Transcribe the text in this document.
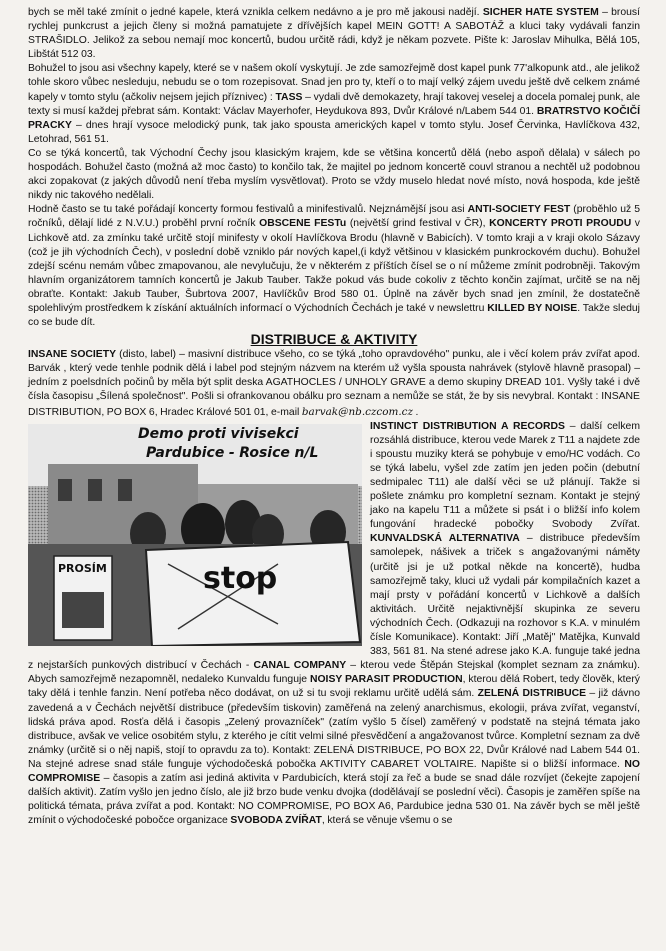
bych se měl také zmínit o jedné kapele, která vznikla celkem nedávno a je pro mě jakousi nadějí. SICHER HATE SYSTEM – brousí rychlej punkcrust a jejich členy si možná pamatujete z dřívějších kapel MEIN GOTT! A SABOTÁŽ a kluci taky vydávali fanzin STRAŠIDLO. Jelikož za sebou nemají moc koncertů, budou určitě rádi, když je někam pozvete. Pište k: Jaroslav Mihulka, Bělá 105, Libštát 512 03.

Bohužel to jsou asi všechny kapely, které se v našem okolí vyskytují. Je zde samozřejmě dost kapel punk 77'alkopunk atd., ale jelikož tohle skoro vůbec nesleduju, nebudu se o tom rozepisovat. Snad jen pro ty, kteří o to mají velký zájem uvedu ještě dvě celkem známé kapely v tomto stylu (ačkoliv nejsem jejich příznivec) : TASS – vydali dvě demokazety, hrají takovej veselej a docela pomalej punk, ale texty si musí každej přebrat sám. Kontakt: Václav Mayerhofer, Heydukova 893, Dvůr Králové n/Labem 544 01. BRATRSTVO KOČIČÍ PRACKY – dnes hrají vysoce melodický punk, tak jako spousta amerických kapel v tomto stylu. Josef Červinka, Havlíčkova 432, Letohrad, 561 51.

Co se týká koncertů, tak Východní Čechy jsou klasickým krajem, kde se většina koncertů dělá (nebo aspoň dělala) v sálech po hospodách. Bohužel často (možná až moc často) to končilo tak, že majitel po jednom koncertě couvl stranou a nechtěl už podobnou akci zopakovat (z jakých důvodů není třeba myslím vysvětlovat). Proto se vždy muselo hledat nové místo, nová hospoda, kde ještě nikdy nic takového nedělali.

Hodně často se tu také pořádají koncerty formou festivalů a minifestivalů. Nejznámější jsou asi ANTI-SOCIETY FEST (proběhlo už 5 ročníků, dělají lidé z N.V.U.) proběhl první ročník OBSCENE FESTu (největší grind festival v ČR), KONCERTY PROTI PROUDU v Lichkově atd. za zmínku také určitě stojí minifesty v okolí Havlíčkova Brodu (hlavně v Babicích). V tomto kraji a v kraji okolo Sázavy (což je jih východních Čech), v poslední době vzniklo pár nových kapel,(i když většinou v klasickém punkrockovém duchu). Bohužel zdejší scénu nemám vůbec zmapovanou, ale nevylučuju, že v některém z příštích čísel se o ní můžeme zmínit podrobněji. Takovým hlavním organizátorem tamních koncertů je Jakub Tauber. Takže pokud vás bude cokoliv z těchto končin zajímat, určitě se na něj obraťte. Kontakt: Jakub Tauber, Šubrtova 2007, Havlíčkův Brod 580 01. Úplně na závěr bych snad jen zmínil, že dostatečně spolehlivým prostředkem k získání aktuálních informací o Východních Čechách je také v newslettru KILLED BY NOISE. Takže sleduj co se bude dít.

DISTRIBUCE & AKTIVITY

INSANE SOCIETY (disto, label) – masivní distribuce všeho, co se týká „toho opravdového" punku, ale i věcí kolem práv zvířat apod. Barvák , který vede tenhle podnik dělá i label pod stejným názvem na kterém už vyšla spousta nahrávek (stylově hlavně prasopal) – jedním z poelsdních počinů by měla být split deska AGATHOCLES / UNHOLY GRAVE a demo skupiny DREAD 101. Vyšly také i dvě čísla časopisu „Šílená společnost". Pošli si ofrankovanou obálku pro seznam a nemůže se stát, že by sis nevybral. Kontakt : INSANE DISTRIBUTION, PO BOX 6, Hradec Králové 501 01, e-mail barvak@nb.czcom.cz .

Demo proti vivisekci
Pardubice - Rosice n/L
PROSÍM	stop
INSTINCT DISTRIBUTION A RECORDS – další celkem rozsáhlá distribuce, kterou vede Marek z T11 a najdete zde i spoustu muziky která se pohybuje v emo/HC vodách. Co se týká labelu, vyšel zde zatím jen jeden počin (debutní sedmipalec T11) ale další věci se už plánují. Takže si pošlete známku pro kompletní seznam. Kontakt je stejný jako na kapelu T11 a můžete si psát i o bližší info kolem fungování hradecké pobočky Svobody Zvířat. KUNVALDSKÁ ALTERNATIVA – distribuce především samolepek, nášivek a triček s angažovanými náměty (určitě jsi je už potkal někde na koncertě), hudba samozřejmě taky, kluci už vydali pár kompilačních kazet a mají prsty v pořádání koncertů v Lichkově a dalších aktivitách. Určitě nejaktivnější skupinka ze severu východních Čech. (Odkazuji na rozhovor s K.A. v minulém čísle Komunikace). Kontakt: Jiří „Matěj" Matějka, Kunvald 383, 561 81. Na stené adrese jako K.A. funguje také jedna z nejstarších punkových distribucí v Čechách - CANAL COMPANY – kterou vede Štěpán Stejskal (komplet seznam za známku). Abych samozřejmě nezapomněl, nedaleko Kunvaldu funguje NOISY PARASIT PRODUCTION, kterou dělá Robert, tedy člověk, který taky dělá i tenhle fanzin. Není potřeba něco dodávat, on už si tu svoji reklamu určitě udělá sám. ZELENÁ DISTRIBUCE – již dávno zavedená a v Čechách největší distribuce (především tiskovin) zaměřená na zelený anarchismus, ekologii, práva zvířat, veganství, lidská práva apod. Rosťa dělá i časopis „Zelený provazníček" (zatím vyšlo 5 čísel) zaměřený v podstatě na stejná témata jako distribuce, avšak ve velice osobitém stylu, z kterého je cítit velmi silné přesvědčení a angažovanost tvůrce. Kompletní seznam za dvě známky (určitě si o něj napiš, stojí to opravdu za to). Kontakt: ZELENÁ DISTRIBUCE, PO BOX 22, Dvůr Králové nad Labem 544 01. Na stejné adrese snad stále funguje východočeská pobočka AKTIVITY CABARET VOLTAIRE. Napište si o bližší informace. NO COMPROMISE – časopis a zatím asi jediná aktivita v Pardubicích, která stojí za řeč a bude se snad dále rozvíjet (čekejte zapojení dalších aktivit). Zatím vyšlo jen jedno číslo, ale již brzo bude venku dvojka (dodělávají se poslední věci). Časopis je zaměřen spíše na politická témata, práva zvířat a pod. Kontakt: NO COMPROMISE, PO BOX A6, Pardubice jedna 530 01. Na závěr bych se měl ještě zmínit o východočeské pobočce organizace SVOBODA ZVÍŘAT, která se věnuje všemu o se
